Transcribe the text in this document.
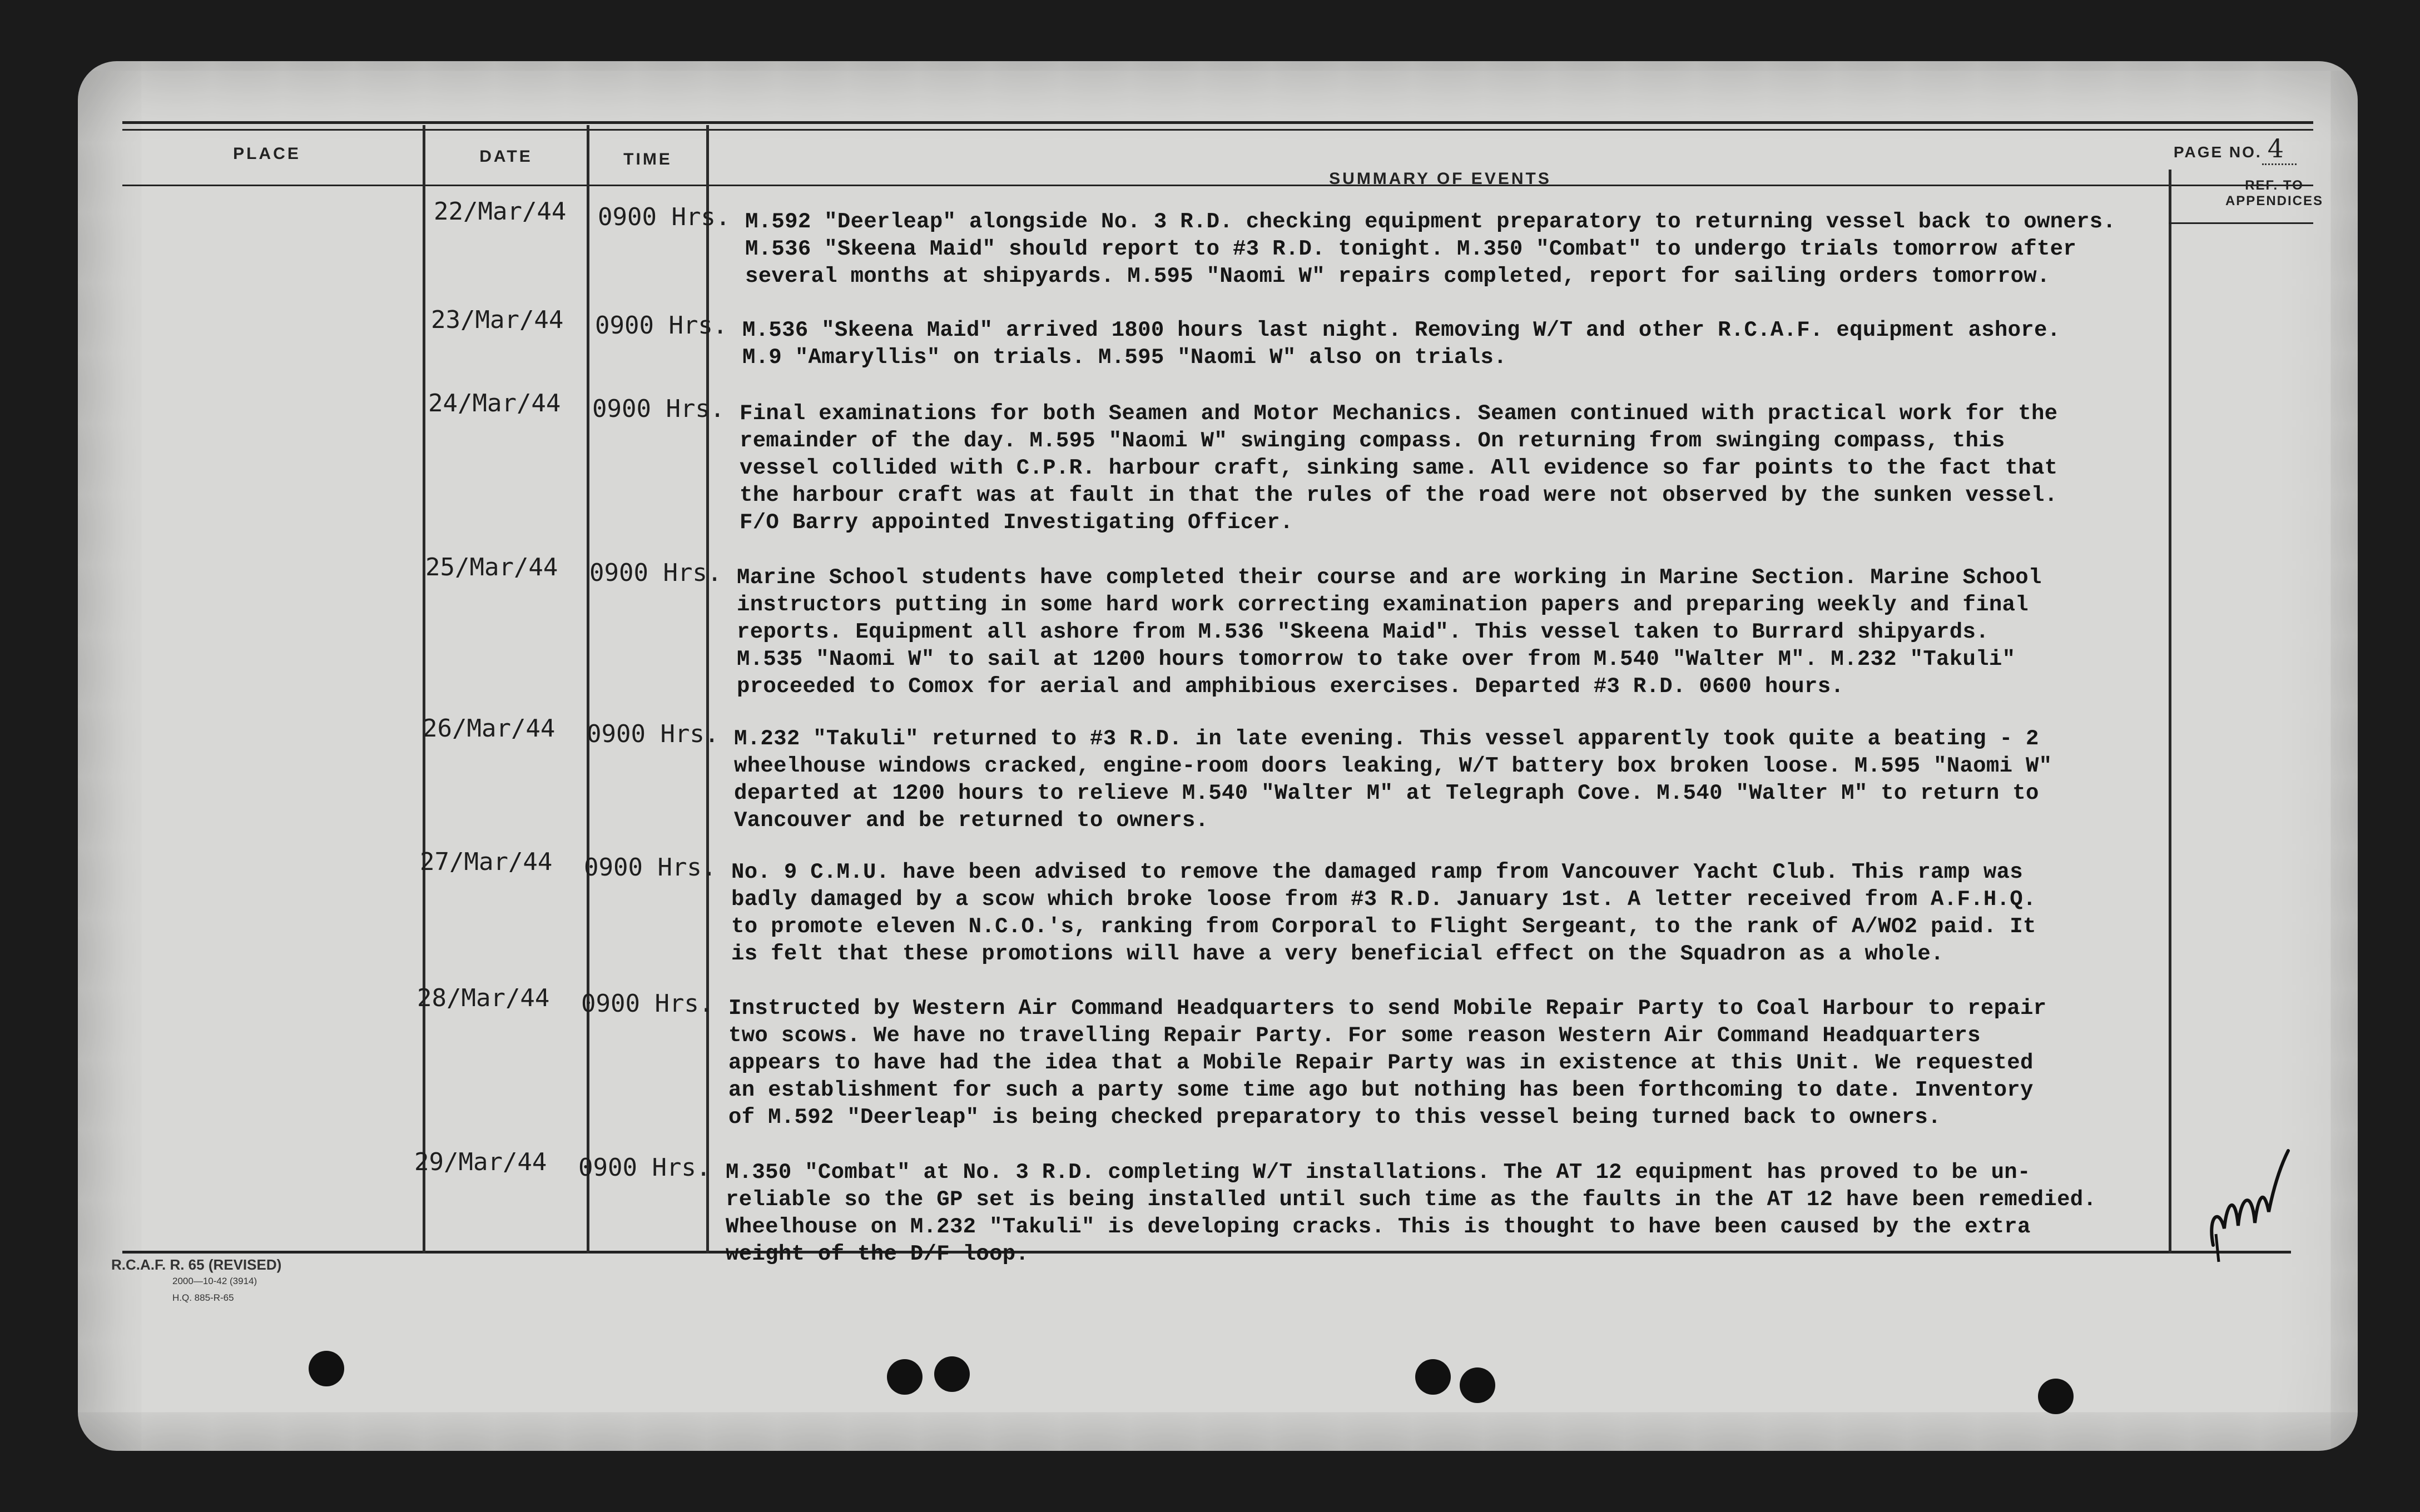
PLACE	DATE	TIME
SUMMARY OF EVENTS
PAGE NO. 4
REF. TO APPENDICES
22/Mar/44 0900 Hrs. M.592 "Deerleap" alongside No. 3 R.D. checking equipment preparatory to returning vessel back to owners.
M.536 "Skeena Maid" should report to #3 R.D. tonight. M.350 "Combat" to undergo trials tomorrow after
several months at shipyards. M.595 "Naomi W" repairs completed, report for sailing orders tomorrow.
23/Mar/44 0900 Hrs. M.536 "Skeena Maid" arrived 1800 hours last night. Removing W/T and other R.C.A.F. equipment ashore.
M.9 "Amaryllis" on trials. M.595 "Naomi W" also on trials.
24/Mar/44 0900 Hrs. Final examinations for both Seamen and Motor Mechanics. Seamen continued with practical work for the
remainder of the day. M.595 "Naomi W" swinging compass. On returning from swinging compass, this
vessel collided with C.P.R. harbour craft, sinking same. All evidence so far points to the fact that
the harbour craft was at fault in that the rules of the road were not observed by the sunken vessel.
F/O Barry appointed Investigating Officer.
25/Mar/44 0900 Hrs. Marine School students have completed their course and are working in Marine Section. Marine School
instructors putting in some hard work correcting examination papers and preparing weekly and final
reports. Equipment all ashore from M.536 "Skeena Maid". This vessel taken to Burrard shipyards.
M.535 "Naomi W" to sail at 1200 hours tomorrow to take over from M.540 "Walter M". M.232 "Takuli"
proceeded to Comox for aerial and amphibious exercises. Departed #3 R.D. 0600 hours.
26/Mar/44 0900 Hrs. M.232 "Takuli" returned to #3 R.D. in late evening. This vessel apparently took quite a beating - 2
wheelhouse windows cracked, engine-room doors leaking, W/T battery box broken loose. M.595 "Naomi W"
departed at 1200 hours to relieve M.540 "Walter M" at Telegraph Cove. M.540 "Walter M" to return to
Vancouver and be returned to owners.
27/Mar/44 0900 Hrs. No. 9 C.M.U. have been advised to remove the damaged ramp from Vancouver Yacht Club. This ramp was
badly damaged by a scow which broke loose from #3 R.D. January 1st. A letter received from A.F.H.Q.
to promote eleven N.C.O.'s, ranking from Corporal to Flight Sergeant, to the rank of A/WO2 paid. It
is felt that these promotions will have a very beneficial effect on the Squadron as a whole.
28/Mar/44 0900 Hrs. Instructed by Western Air Command Headquarters to send Mobile Repair Party to Coal Harbour to repair
two scows. We have no travelling Repair Party. For some reason Western Air Command Headquarters
appears to have had the idea that a Mobile Repair Party was in existence at this Unit. We requested
an establishment for such a party some time ago but nothing has been forthcoming to date. Inventory
of M.592 "Deerleap" is being checked preparatory to this vessel being turned back to owners.
29/Mar/44 0900 Hrs. M.350 "Combat" at No. 3 R.D. completing W/T installations. The AT 12 equipment has proved to be un-
reliable so the GP set is being installed until such time as the faults in the AT 12 have been remedied.
Wheelhouse on M.232 "Takuli" is developing cracks. This is thought to have been caused by the extra
weight of the D/F loop.
R.C.A.F. R. 65 (REVISED)
2000—10-42 (3914)
H.Q. 885-R-65
